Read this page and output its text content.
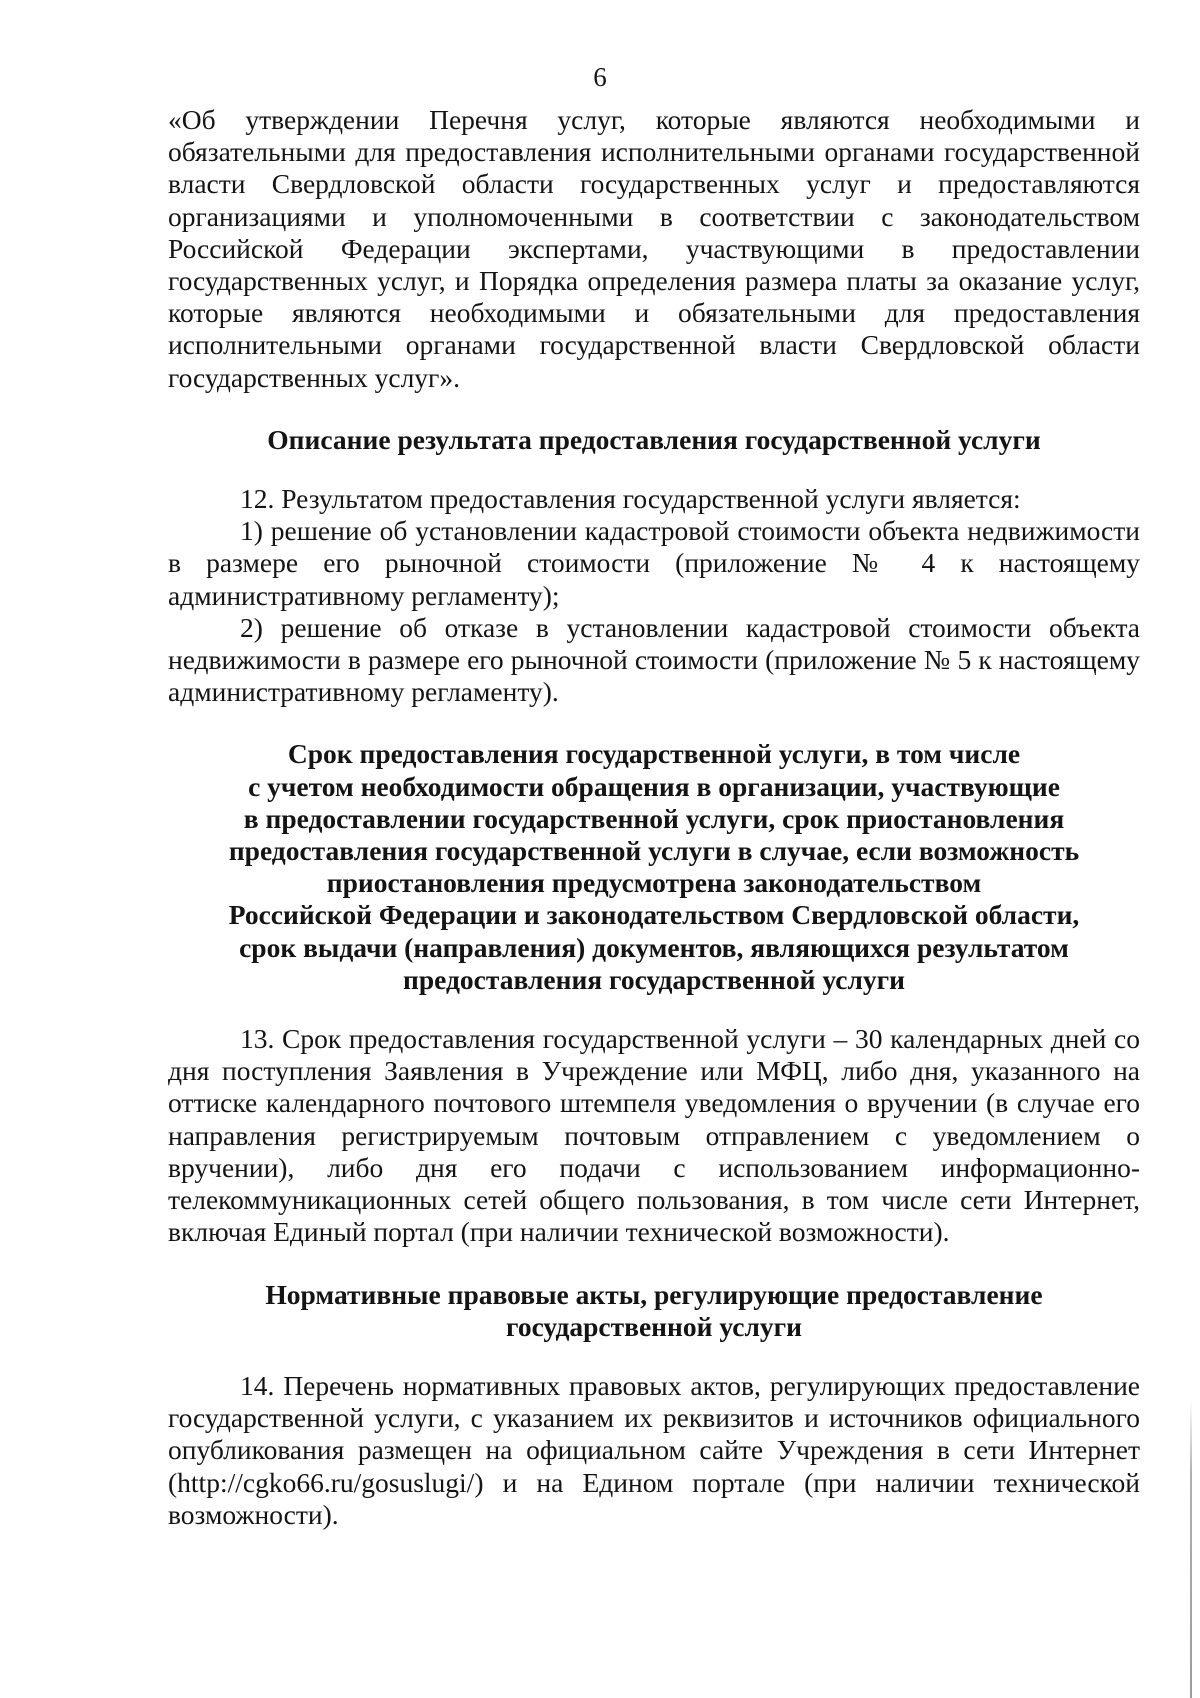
6

«Об утверждении Перечня услуг, которые являются необходимыми и обязательными для предоставления исполнительными органами государственной власти Свердловской области государственных услуг и предоставляются организациями и уполномоченными в соответствии с законодательством Российской Федерации экспертами, участвующими в предоставлении государственных услуг, и Порядка определения размера платы за оказание услуг, которые являются необходимыми и обязательными для предоставления исполнительными органами государственной власти Свердловской области государственных услуг».

Описание результата предоставления государственной услуги

12. Результатом предоставления государственной услуги является:

1) решение об установлении кадастровой стоимости объекта недвижимости в размере его рыночной стоимости (приложение № 4 к настоящему административному регламенту);

2) решение об отказе в установлении кадастровой стоимости объекта недвижимости в размере его рыночной стоимости (приложение № 5 к настоящему административному регламенту).

Срок предоставления государственной услуги, в том числе
с учетом необходимости обращения в организации, участвующие
в предоставлении государственной услуги, срок приостановления
предоставления государственной услуги в случае, если возможность
приостановления предусмотрена законодательством
Российской Федерации и законодательством Свердловской области,
срок выдачи (направления) документов, являющихся результатом
предоставления государственной услуги

13. Срок предоставления государственной услуги – 30 календарных дней со дня поступления Заявления в Учреждение или МФЦ, либо дня, указанного на оттиске календарного почтового штемпеля уведомления о вручении (в случае его направления регистрируемым почтовым отправлением с уведомлением о вручении), либо дня его подачи с использованием информационно-телекоммуникационных сетей общего пользования, в том числе сети Интернет, включая Единый портал (при наличии технической возможности).

Нормативные правовые акты, регулирующие предоставление
государственной услуги

14. Перечень нормативных правовых актов, регулирующих предоставление государственной услуги, с указанием их реквизитов и источников официального опубликования размещен на официальном сайте Учреждения в сети Интернет (http://cgko66.ru/gosuslugi/) и на Едином портале (при наличии технической возможности).
